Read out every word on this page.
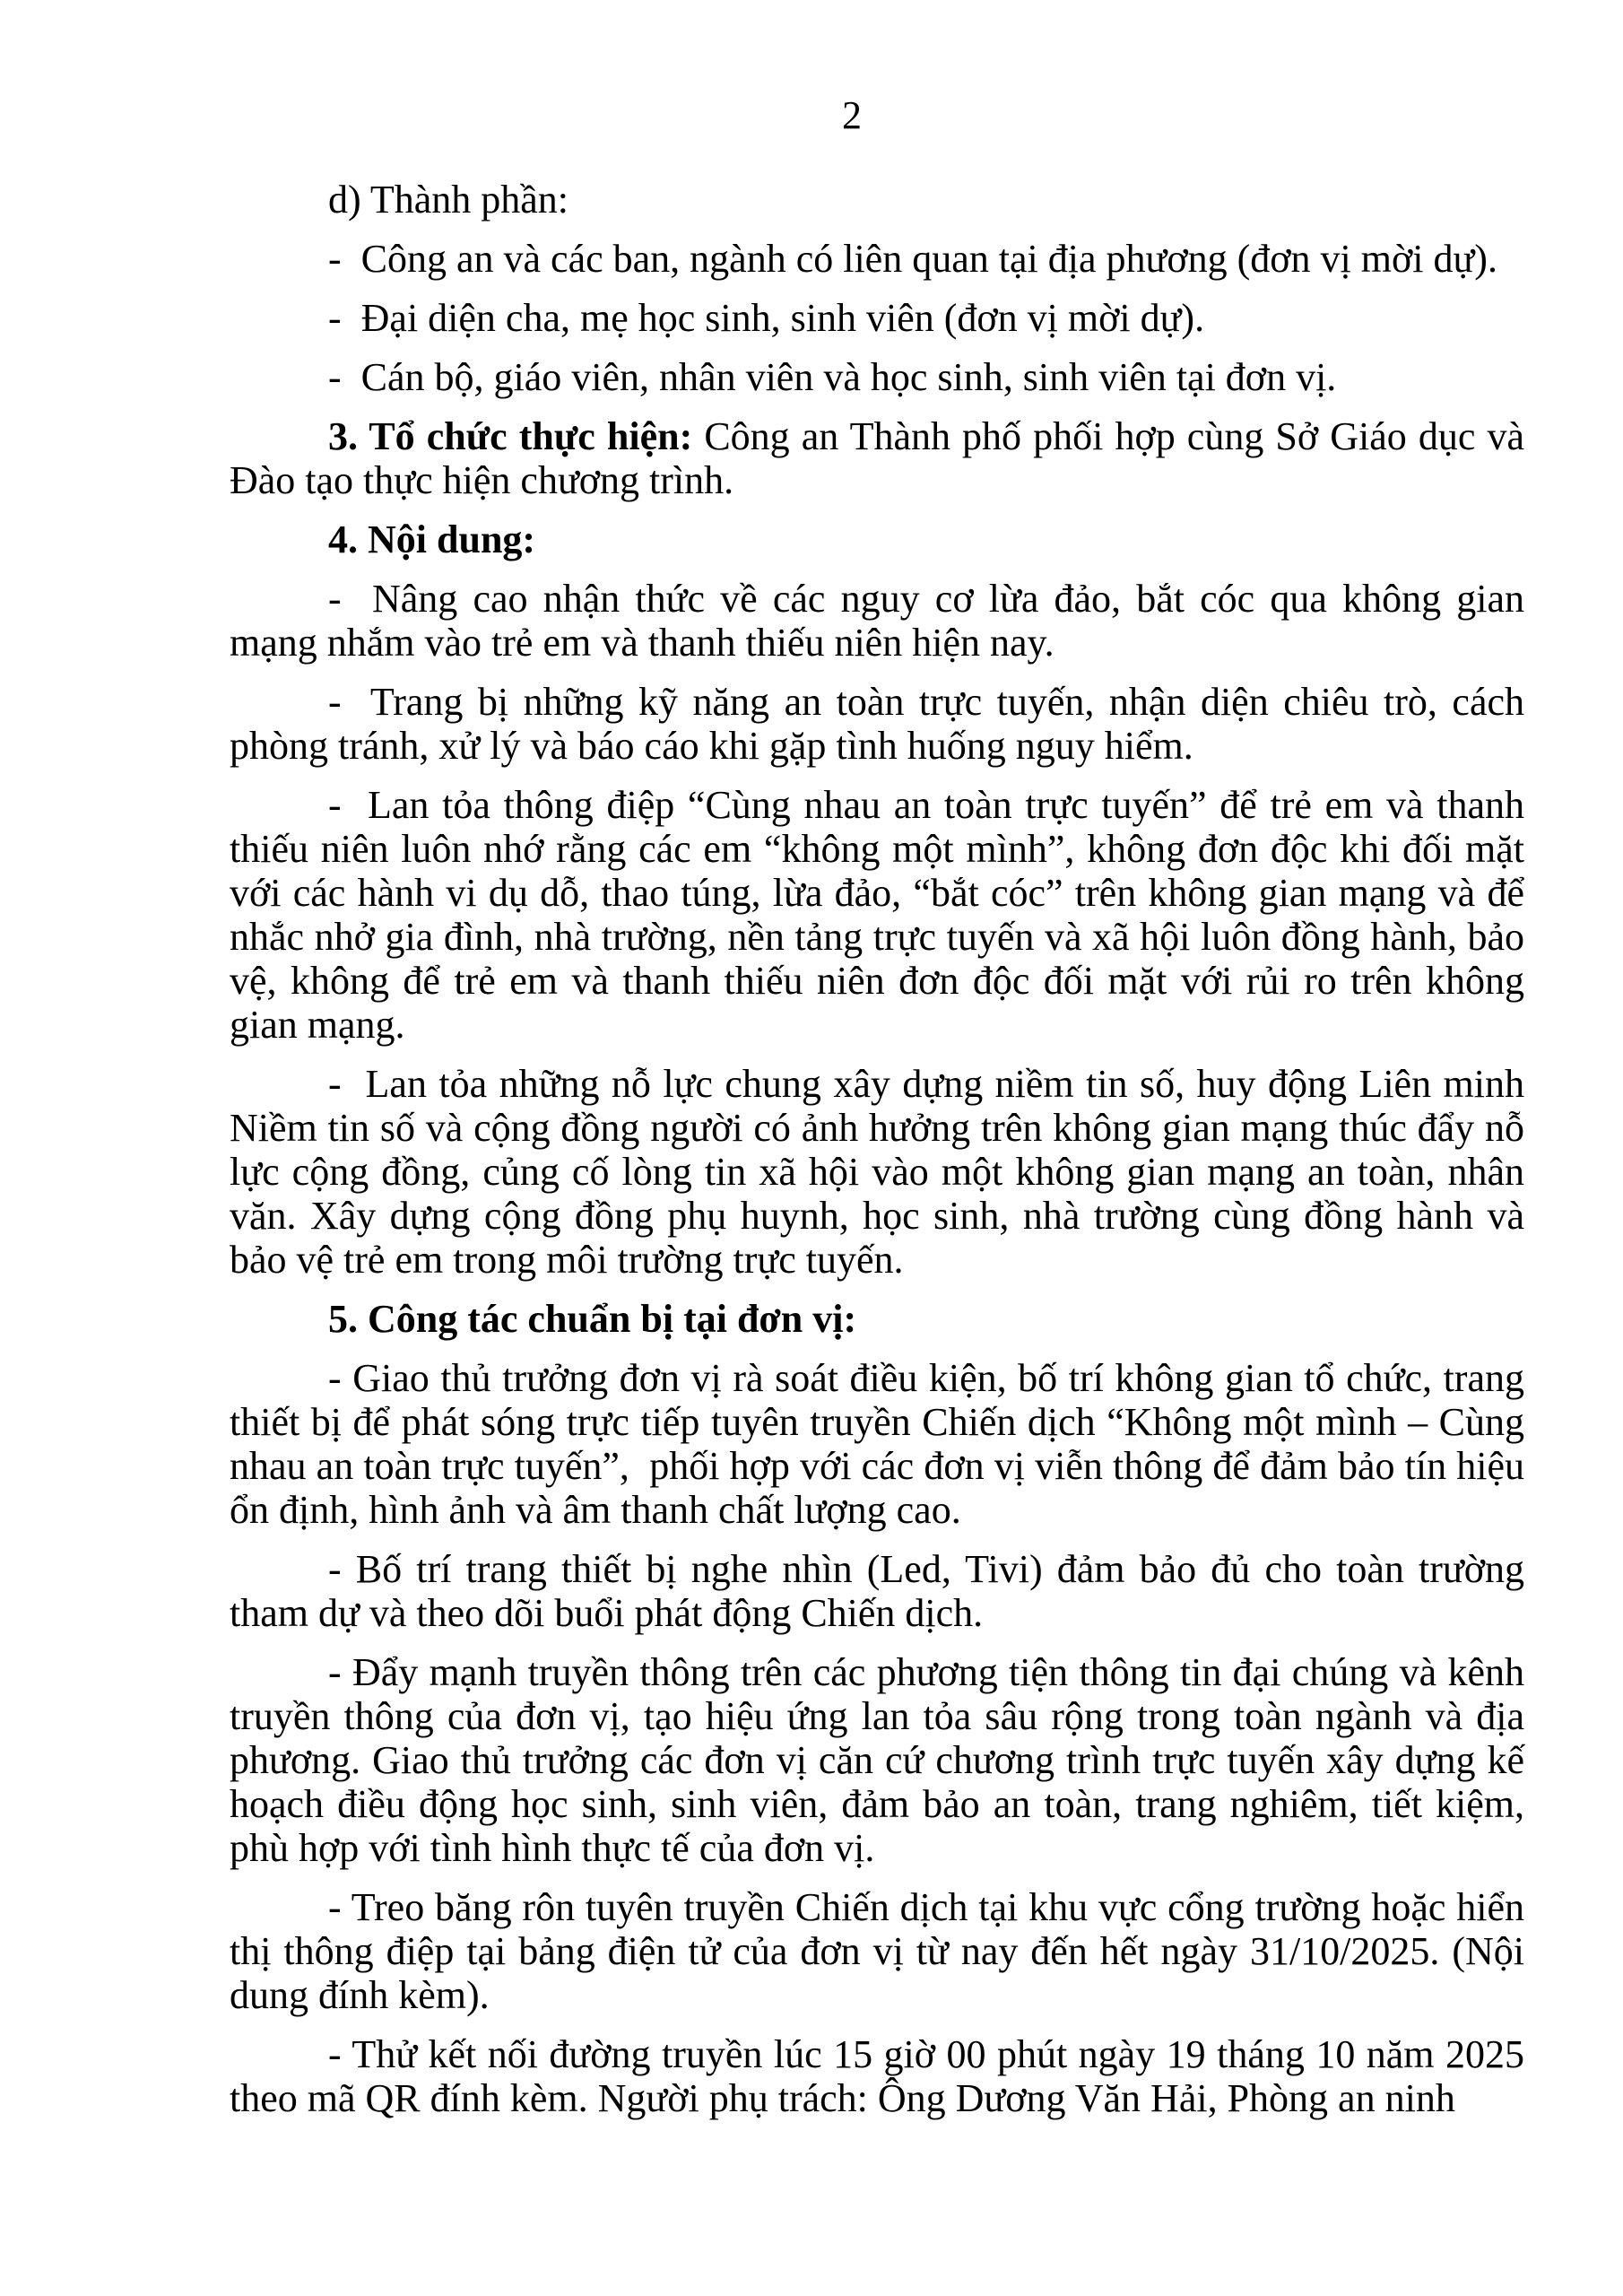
2

d) Thành phần:

-  Công an và các ban, ngành có liên quan tại địa phương (đơn vị mời dự).

-  Đại diện cha, mẹ học sinh, sinh viên (đơn vị mời dự).

-  Cán bộ, giáo viên, nhân viên và học sinh, sinh viên tại đơn vị.

3. Tổ chức thực hiện: Công an Thành phố phối hợp cùng Sở Giáo dục và Đào tạo thực hiện chương trình.

4. Nội dung:

-  Nâng cao nhận thức về các nguy cơ lừa đảo, bắt cóc qua không gian mạng nhắm vào trẻ em và thanh thiếu niên hiện nay.

-  Trang bị những kỹ năng an toàn trực tuyến, nhận diện chiêu trò, cách phòng tránh, xử lý và báo cáo khi gặp tình huống nguy hiểm.

-  Lan tỏa thông điệp “Cùng nhau an toàn trực tuyến” để trẻ em và thanh thiếu niên luôn nhớ rằng các em “không một mình”, không đơn độc khi đối mặt với các hành vi dụ dỗ, thao túng, lừa đảo, “bắt cóc” trên không gian mạng và để nhắc nhở gia đình, nhà trường, nền tảng trực tuyến và xã hội luôn đồng hành, bảo vệ, không để trẻ em và thanh thiếu niên đơn độc đối mặt với rủi ro trên không gian mạng.

-  Lan tỏa những nỗ lực chung xây dựng niềm tin số, huy động Liên minh Niềm tin số và cộng đồng người có ảnh hưởng trên không gian mạng thúc đẩy nỗ lực cộng đồng, củng cố lòng tin xã hội vào một không gian mạng an toàn, nhân văn. Xây dựng cộng đồng phụ huynh, học sinh, nhà trường cùng đồng hành và bảo vệ trẻ em trong môi trường trực tuyến.

5. Công tác chuẩn bị tại đơn vị:

- Giao thủ trưởng đơn vị rà soát điều kiện, bố trí không gian tổ chức, trang thiết bị để phát sóng trực tiếp tuyên truyền Chiến dịch “Không một mình – Cùng nhau an toàn trực tuyến”,  phối hợp với các đơn vị viễn thông để đảm bảo tín hiệu ổn định, hình ảnh và âm thanh chất lượng cao.

- Bố trí trang thiết bị nghe nhìn (Led, Tivi) đảm bảo đủ cho toàn trường tham dự và theo dõi buổi phát động Chiến dịch.

- Đẩy mạnh truyền thông trên các phương tiện thông tin đại chúng và kênh truyền thông của đơn vị, tạo hiệu ứng lan tỏa sâu rộng trong toàn ngành và địa phương. Giao thủ trưởng các đơn vị căn cứ chương trình trực tuyến xây dựng kế hoạch điều động học sinh, sinh viên, đảm bảo an toàn, trang nghiêm, tiết kiệm, phù hợp với tình hình thực tế của đơn vị.

- Treo băng rôn tuyên truyền Chiến dịch tại khu vực cổng trường hoặc hiển thị thông điệp tại bảng điện tử của đơn vị từ nay đến hết ngày 31/10/2025. (Nội dung đính kèm).

- Thử kết nối đường truyền lúc 15 giờ 00 phút ngày 19 tháng 10 năm 2025 theo mã QR đính kèm. Người phụ trách: Ông Dương Văn Hải, Phòng an ninh
